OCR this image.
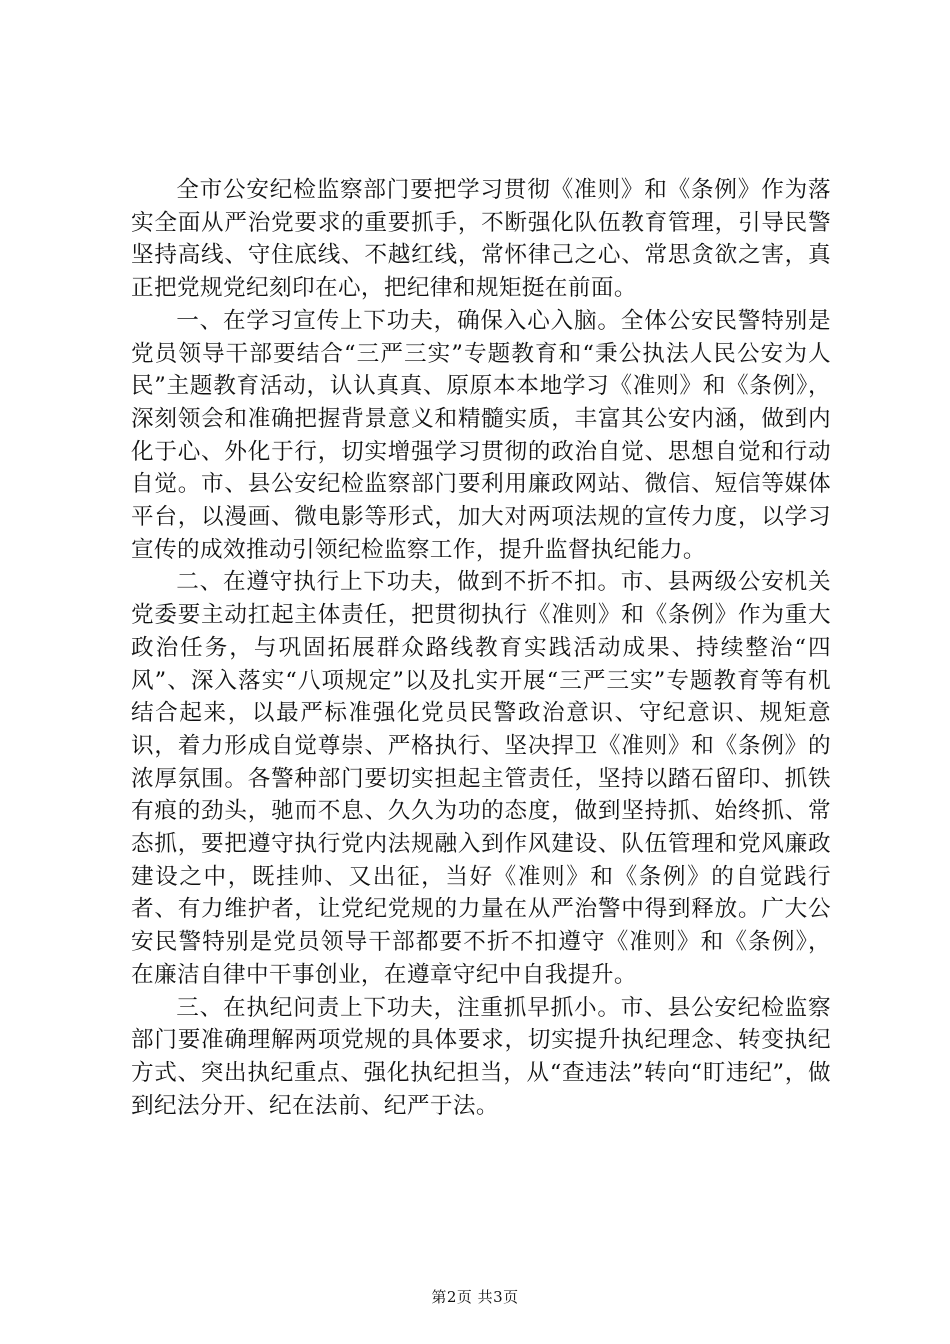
全市公安纪检监察部门要把学习贯彻《准则》和《条例》作为落实全面从严治党要求的重要抓手，不断强化队伍教育管理，引导民警坚持高线、守住底线、不越红线，常怀律己之心、常思贪欲之害，真正把党规党纪刻印在心，把纪律和规矩挺在前面。

一、在学习宣传上下功夫，确保入心入脑。全体公安民警特别是党员领导干部要结合“三严三实”专题教育和“秉公执法人民公安为人民”主题教育活动，认认真真、原原本本地学习《准则》和《条例》，深刻领会和准确把握背景意义和精髓实质，丰富其公安内涵，做到内化于心、外化于行，切实增强学习贯彻的政治自觉、思想自觉和行动自觉。市、县公安纪检监察部门要利用廉政网站、微信、短信等媒体平台，以漫画、微电影等形式，加大对两项法规的宣传力度，以学习宣传的成效推动引领纪检监察工作，提升监督执纪能力。

二、在遵守执行上下功夫，做到不折不扣。市、县两级公安机关党委要主动扛起主体责任，把贯彻执行《准则》和《条例》作为重大政治任务，与巩固拓展群众路线教育实践活动成果、持续整治“四风”、深入落实“八项规定”以及扎实开展“三严三实”专题教育等有机结合起来，以最严标准强化党员民警政治意识、守纪意识、规矩意识，着力形成自觉尊崇、严格执行、坚决捍卫《准则》和《条例》的浓厚氛围。各警种部门要切实担起主管责任，坚持以踏石留印、抓铁有痕的劲头，驰而不息、久久为功的态度，做到坚持抓、始终抓、常态抓，要把遵守执行党内法规融入到作风建设、队伍管理和党风廉政建设之中，既挂帅、又出征，当好《准则》和《条例》的自觉践行者、有力维护者，让党纪党规的力量在从严治警中得到释放。广大公安民警特别是党员领导干部都要不折不扣遵守《准则》和《条例》，在廉洁自律中干事创业，在遵章守纪中自我提升。

三、在执纪问责上下功夫，注重抓早抓小。市、县公安纪检监察部门要准确理解两项党规的具体要求，切实提升执纪理念、转变执纪方式、突出执纪重点、强化执纪担当，从“查违法”转向“盯违纪”，做到纪法分开、纪在法前、纪严于法。

第2页 共3页
